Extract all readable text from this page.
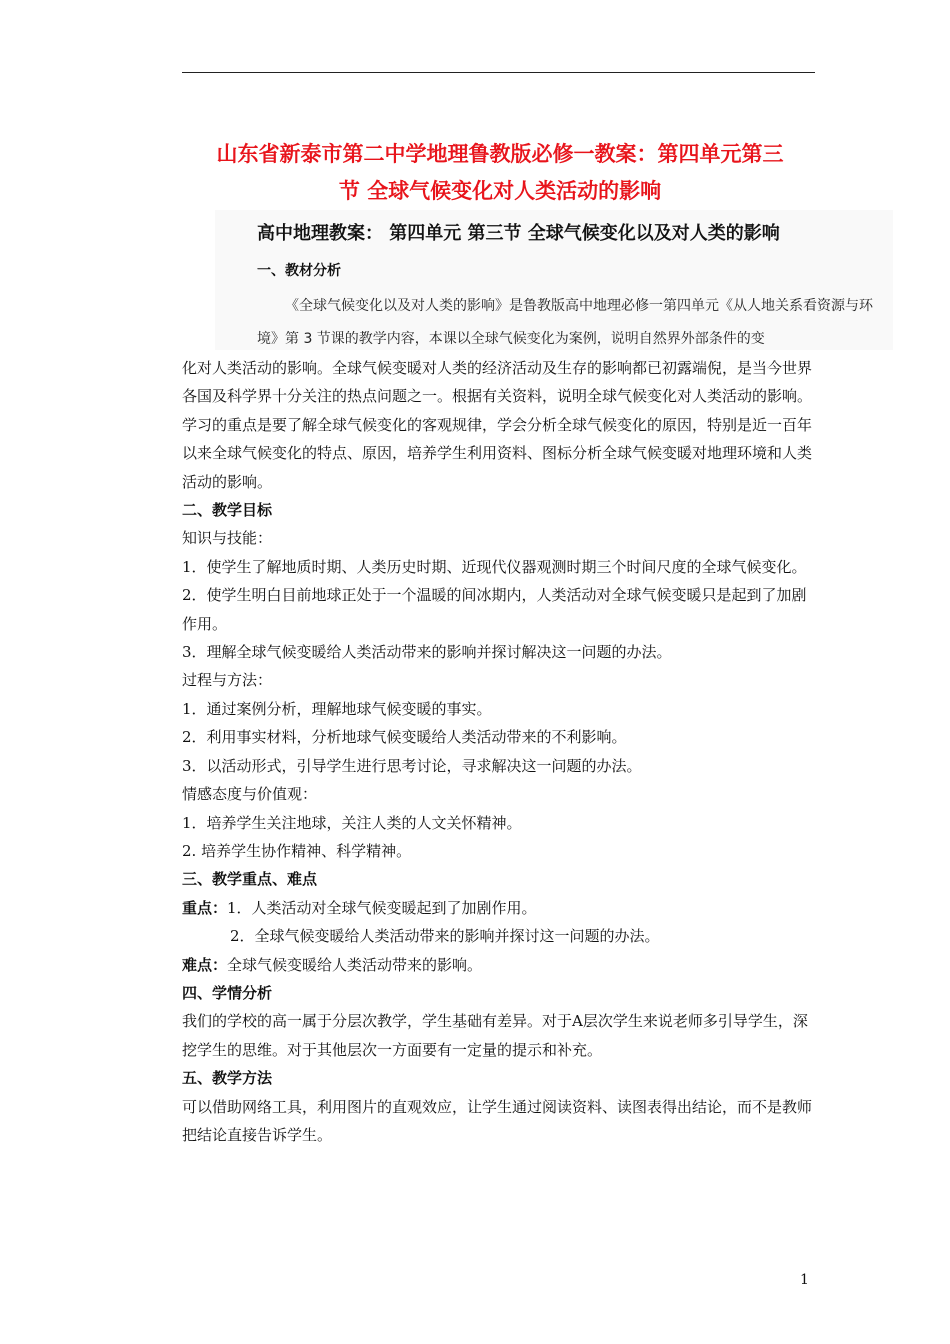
山东省新泰市第二中学地理鲁教版必修一教案：第四单元第三
节 全球气候变化对人类活动的影响
高中地理教案： 第四单元 第三节 全球气候变化以及对人类的影响
一、教材分析
《全球气候变化以及对人类的影响》是鲁教版高中地理必修一第四单元《从人地关系看资源与环境》第 3 节课的教学内容，本课以全球气候变化为案例，说明自然界外部条件的变

化对人类活动的影响。全球气候变暖对人类的经济活动及生存的影响都已初露端倪，是当今世界各国及科学界十分关注的热点问题之一。根据有关资料，说明全球气候变化对人类活动的影响。学习的重点是要了解全球气候变化的客观规律，学会分析全球气候变化的原因，特别是近一百年以来全球气候变化的特点、原因，培养学生利用资料、图标分析全球气候变暖对地理环境和人类活动的影响。

二、教学目标

知识与技能：

1．使学生了解地质时期、人类历史时期、近现代仪器观测时期三个时间尺度的全球气候变化。

2．使学生明白目前地球正处于一个温暖的间冰期内，人类活动对全球气候变暖只是起到了加剧作用。

3．理解全球气候变暖给人类活动带来的影响并探讨解决这一问题的办法。

过程与方法：

1．通过案例分析，理解地球气候变暖的事实。

2．利用事实材料，分析地球气候变暖给人类活动带来的不利影响。

3．以活动形式，引导学生进行思考讨论，寻求解决这一问题的办法。

情感态度与价值观：

1．培养学生关注地球，关注人类的人文关怀精神。

2. 培养学生协作精神、科学精神。

三、教学重点、难点

重点：1．人类活动对全球气候变暖起到了加剧作用。

2．全球气候变暖给人类活动带来的影响并探讨这一问题的办法。

难点：全球气候变暖给人类活动带来的影响。

四、学情分析

我们的学校的高一属于分层次教学，学生基础有差异。对于A层次学生来说老师多引导学生，深挖学生的思维。对于其他层次一方面要有一定量的提示和补充。

五、教学方法

可以借助网络工具，利用图片的直观效应，让学生通过阅读资料、读图表得出结论，而不是教师把结论直接告诉学生。

1
